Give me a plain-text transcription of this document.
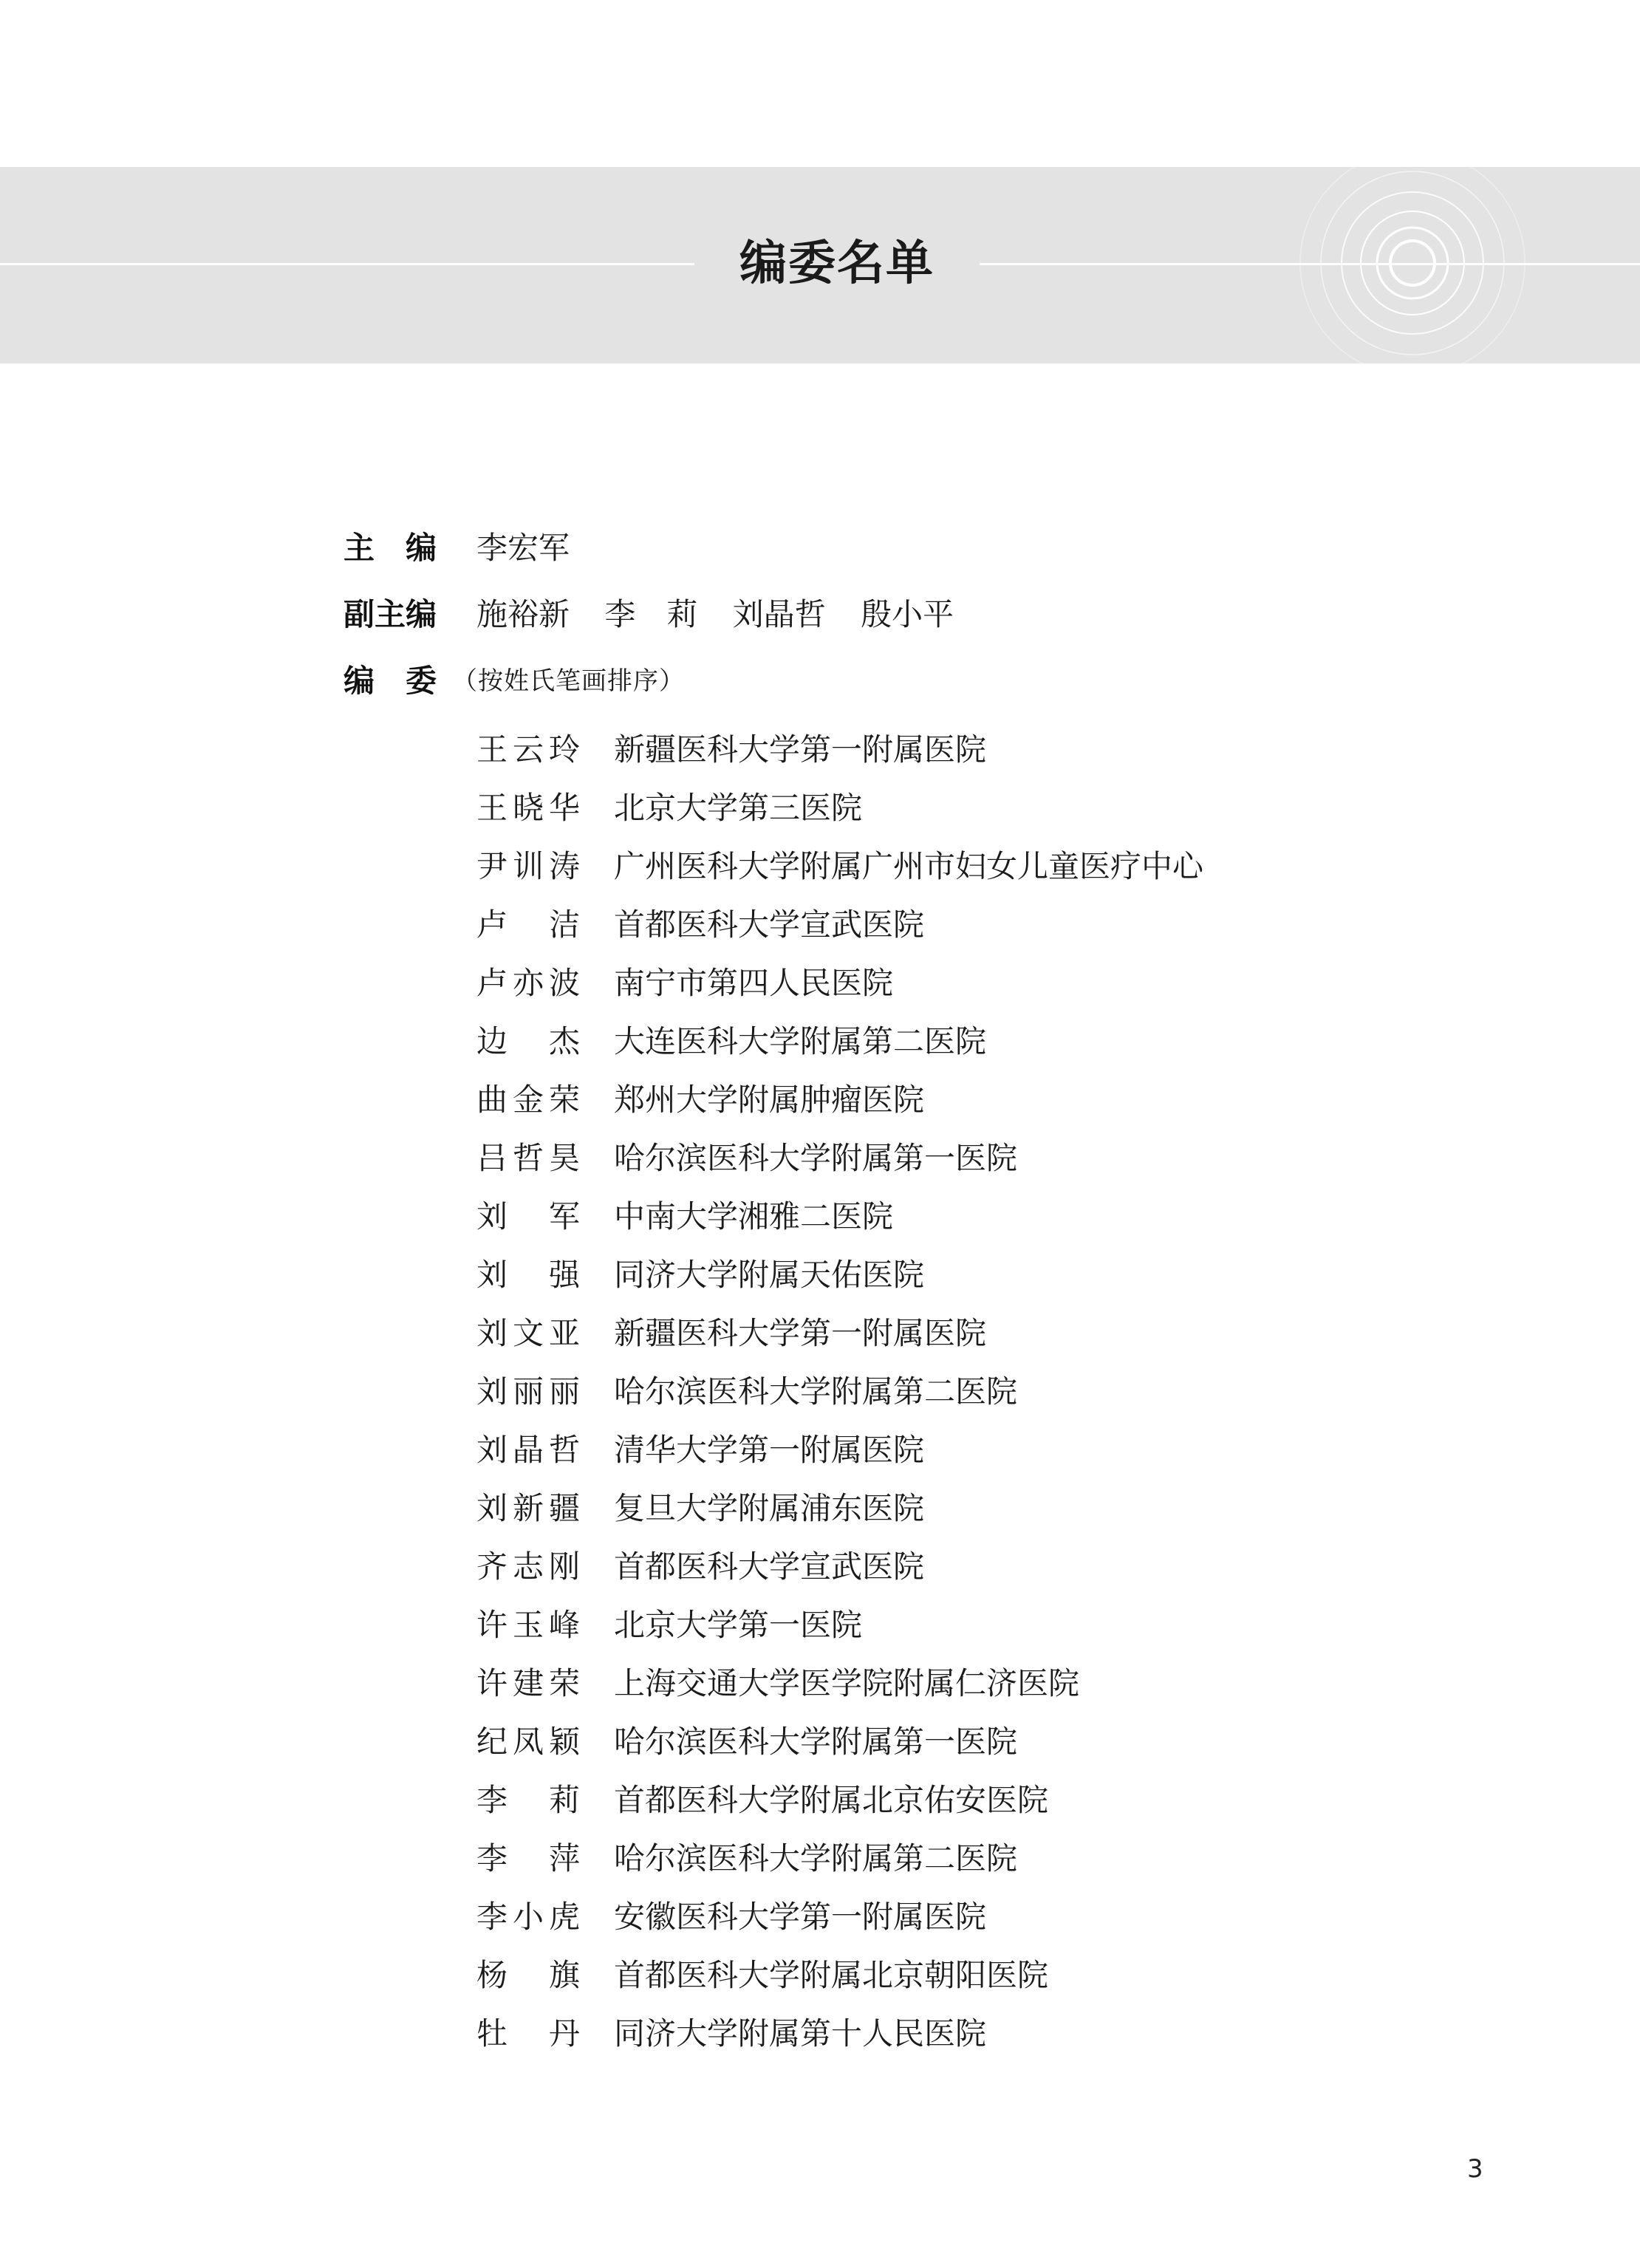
编委名单
主　编 李宏军
副主编 施裕新 李　莉 刘晶哲 殷小平
编　委 （按姓氏笔画排序）
王云玲 新疆医科大学第一附属医院
王晓华 北京大学第三医院
尹训涛 广州医科大学附属广州市妇女儿童医疗中心
卢洁 首都医科大学宣武医院
卢亦波 南宁市第四人民医院
边杰 大连医科大学附属第二医院
曲金荣 郑州大学附属肿瘤医院
吕哲昊 哈尔滨医科大学附属第一医院
刘军 中南大学湘雅二医院
刘强 同济大学附属天佑医院
刘文亚 新疆医科大学第一附属医院
刘丽丽 哈尔滨医科大学附属第二医院
刘晶哲 清华大学第一附属医院
刘新疆 复旦大学附属浦东医院
齐志刚 首都医科大学宣武医院
许玉峰 北京大学第一医院
许建荣 上海交通大学医学院附属仁济医院
纪凤颖 哈尔滨医科大学附属第一医院
李莉 首都医科大学附属北京佑安医院
李萍 哈尔滨医科大学附属第二医院
李小虎 安徽医科大学第一附属医院
杨旗 首都医科大学附属北京朝阳医院
牡丹 同济大学附属第十人民医院
3
